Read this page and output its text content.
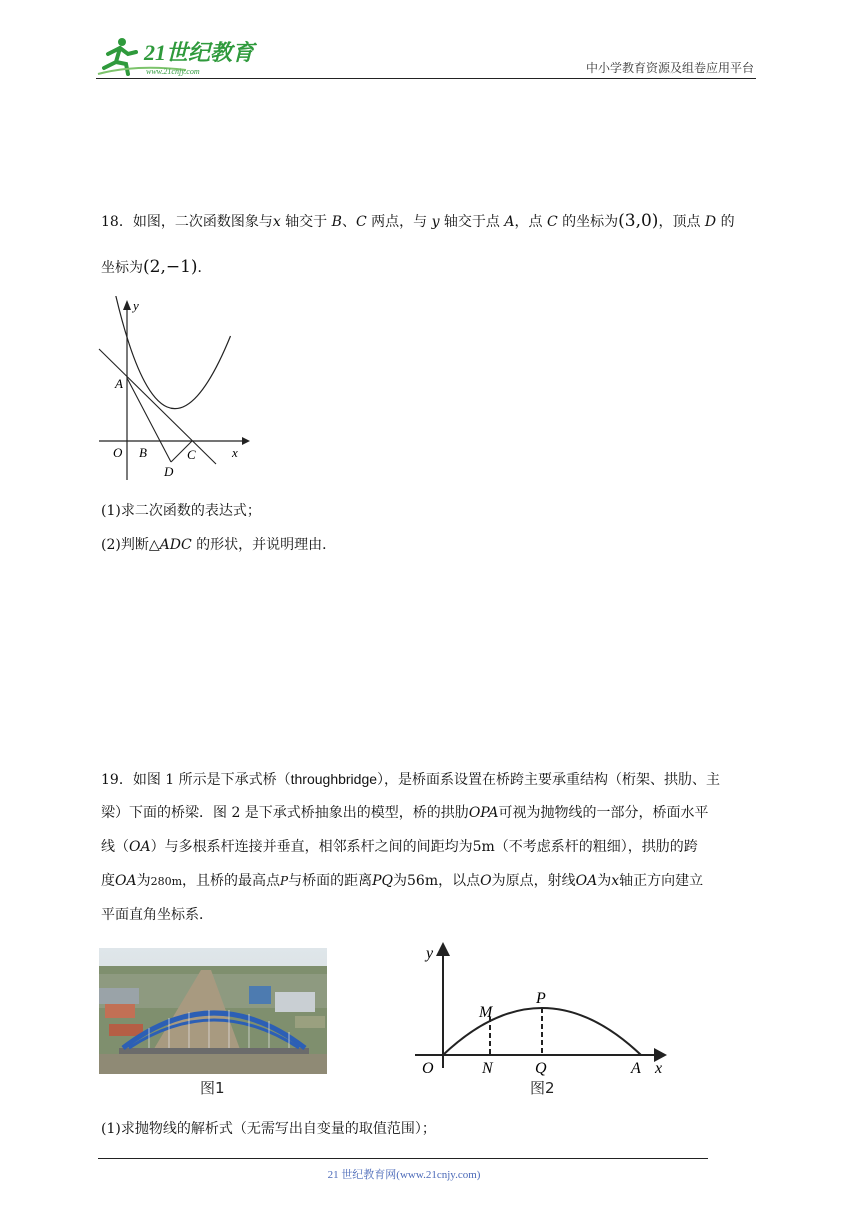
21世纪教育
www.21cnjy.com	中小学教育资源及组卷应用平台
18．如图，二次函数图象与x 轴交于 B、C 两点，与 y 轴交于点 A，点 C 的坐标为(3,0)，顶点 D 的
坐标为(2,−1)．
y
x
O
A
B	C
D
(1)求二次函数的表达式；
(2)判断△ADC 的形状，并说明理由．
19．如图 1 所示是下承式桥（throughbridge），是桥面系设置在桥跨主要承重结构（桁架、拱肋、主
梁）下面的桥梁．图 2 是下承式桥抽象出的模型，桥的拱肋OPA可视为抛物线的一部分，桥面水平
线（OA）与多根系杆连接并垂直，相邻系杆之间的间距均为5m（不考虑系杆的粗细），拱肋的跨
度OA为280m，且桥的最高点P与桥面的距离PQ为56m，以点O为原点，射线OA为x轴正方向建立
平面直角坐标系．
图1
y
x
O	N	Q	A
M
P
图2
(1)求抛物线的解析式（无需写出自变量的取值范围）；
21 世纪教育网(www.21cnjy.com)
